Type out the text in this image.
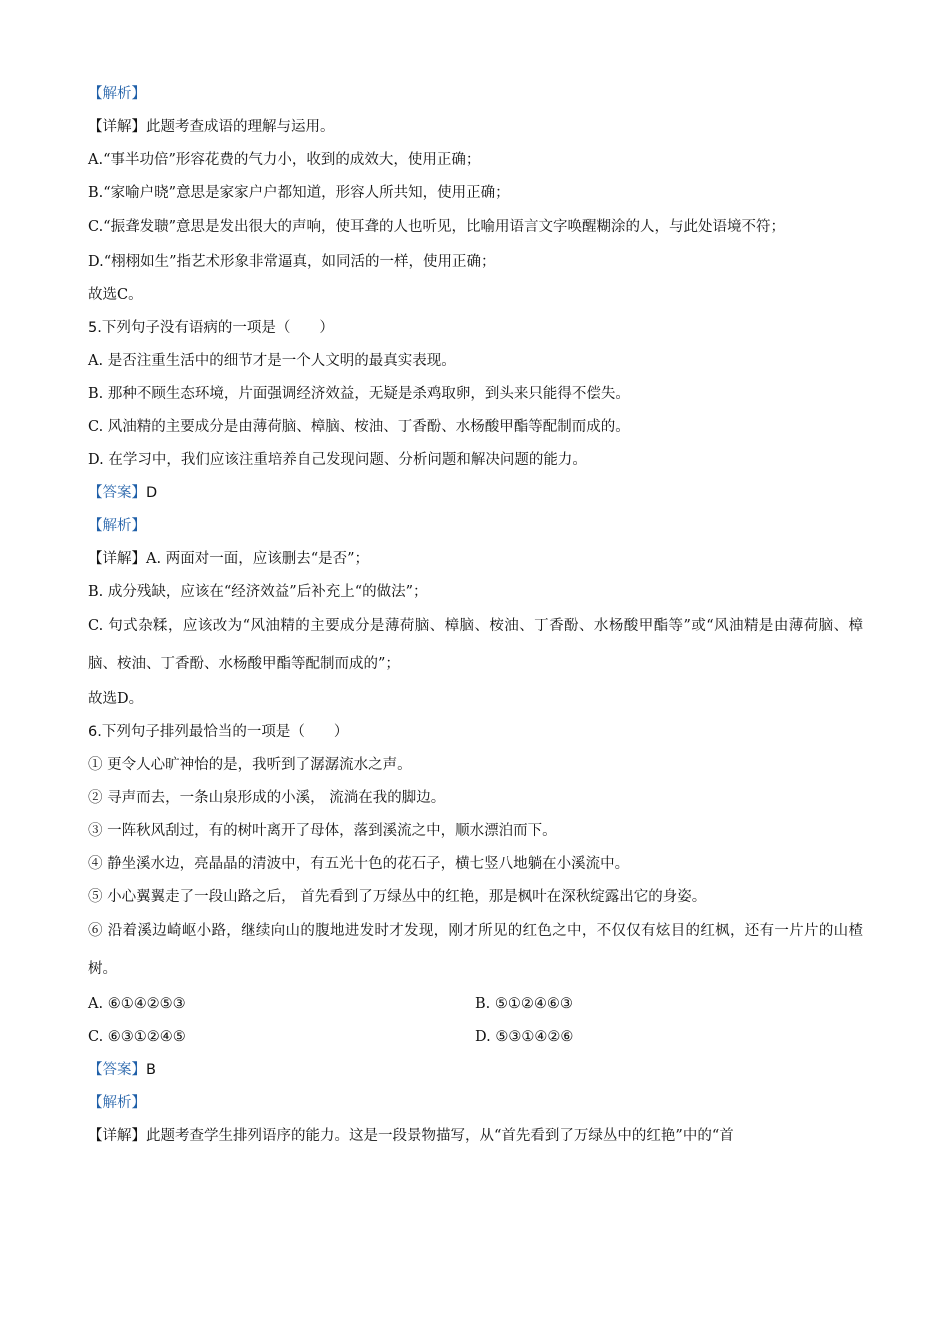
【解析】
【详解】此题考查成语的理解与运用。
A.“事半功倍”形容花费的气力小，收到的成效大，使用正确；
B.“家喻户晓”意思是家家户户都知道，形容人所共知，使用正确；
C.“振聋发聩”意思是发出很大的声响，使耳聋的人也听见，比喻用语言文字唤醒糊涂的人，与此处语境不符；
D.“栩栩如生”指艺术形象非常逼真，如同活的一样，使用正确；
故选C。
5.下列句子没有语病的一项是（　　）
A. 是否注重生活中的细节才是一个人文明的最真实表现。
B. 那种不顾生态环境，片面强调经济效益，无疑是杀鸡取卵，到头来只能得不偿失。
C. 风油精的主要成分是由薄荷脑、樟脑、桉油、丁香酚、水杨酸甲酯等配制而成的。
D. 在学习中，我们应该注重培养自己发现问题、分析问题和解决问题的能力。
【答案】D
【解析】
【详解】A. 两面对一面，应该删去“是否”；
B. 成分残缺，应该在“经济效益”后补充上“的做法”；
C. 句式杂糅，应该改为“风油精的主要成分是薄荷脑、樟脑、桉油、丁香酚、水杨酸甲酯等”或“风油精是由薄荷脑、樟脑、桉油、丁香酚、水杨酸甲酯等配制而成的”；
故选D。
6.下列句子排列最恰当的一项是（　　）
① 更令人心旷神怡的是，我听到了潺潺流水之声。
② 寻声而去，一条山泉形成的小溪， 流淌在我的脚边。
③ 一阵秋风刮过，有的树叶离开了母体，落到溪流之中，顺水漂泊而下。
④ 静坐溪水边，亮晶晶的清波中，有五光十色的花石子，横七竖八地躺在小溪流中。
⑤ 小心翼翼走了一段山路之后， 首先看到了万绿丛中的红艳，那是枫叶在深秋绽露出它的身姿。
⑥ 沿着溪边崎岖小路，继续向山的腹地进发时才发现，刚才所见的红色之中，不仅仅有炫目的红枫，还有一片片的山楂树。
A. ⑥①④②⑤③	B. ⑤①②④⑥③
C. ⑥③①②④⑤	D. ⑤③①④②⑥
【答案】B
【解析】
【详解】此题考查学生排列语序的能力。这是一段景物描写，从“首先看到了万绿丛中的红艳”中的“首
